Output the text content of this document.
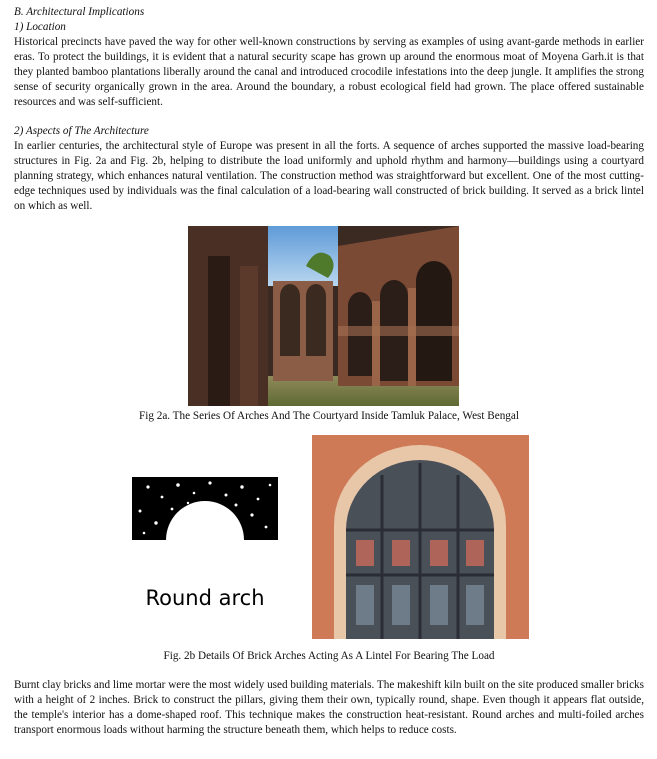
B. Architectural Implications
1) Location

Historical precincts have paved the way for other well-known constructions by serving as examples of using avant-garde methods in earlier eras. To protect the buildings, it is evident that a natural security scape has grown up around the enormous moat of Moyena Garh.it is that they planted bamboo plantations liberally around the canal and introduced crocodile infestations into the deep jungle. It amplifies the strong sense of security organically grown in the area. Around the boundary, a robust ecological field had grown. The place offered sustainable resources and was self-sufficient.

2) Aspects of The Architecture

In earlier centuries, the architectural style of Europe was present in all the forts. A sequence of arches supported the massive load-bearing structures in Fig. 2a and Fig. 2b, helping to distribute the load uniformly and uphold rhythm and harmony—buildings using a courtyard planning strategy, which enhances natural ventilation. The construction method was straightforward but excellent. One of the most cutting-edge techniques used by individuals was the final calculation of a load-bearing wall constructed of brick building. It served as a brick lintel on which as well.

Fig 2a. The Series Of Arches And The Courtyard Inside Tamluk Palace, West Bengal
Round arch
Fig. 2b Details Of Brick Arches Acting As A Lintel For Bearing The Load

Burnt clay bricks and lime mortar were the most widely used building materials. The makeshift kiln built on the site produced smaller bricks with a height of 2 inches. Brick to construct the pillars, giving them their own, typically round, shape. Even though it appears flat outside, the temple's interior has a dome-shaped roof. This technique makes the construction heat-resistant. Round arches and multi-foiled arches transport enormous loads without harming the structure beneath them, which helps to reduce costs.
